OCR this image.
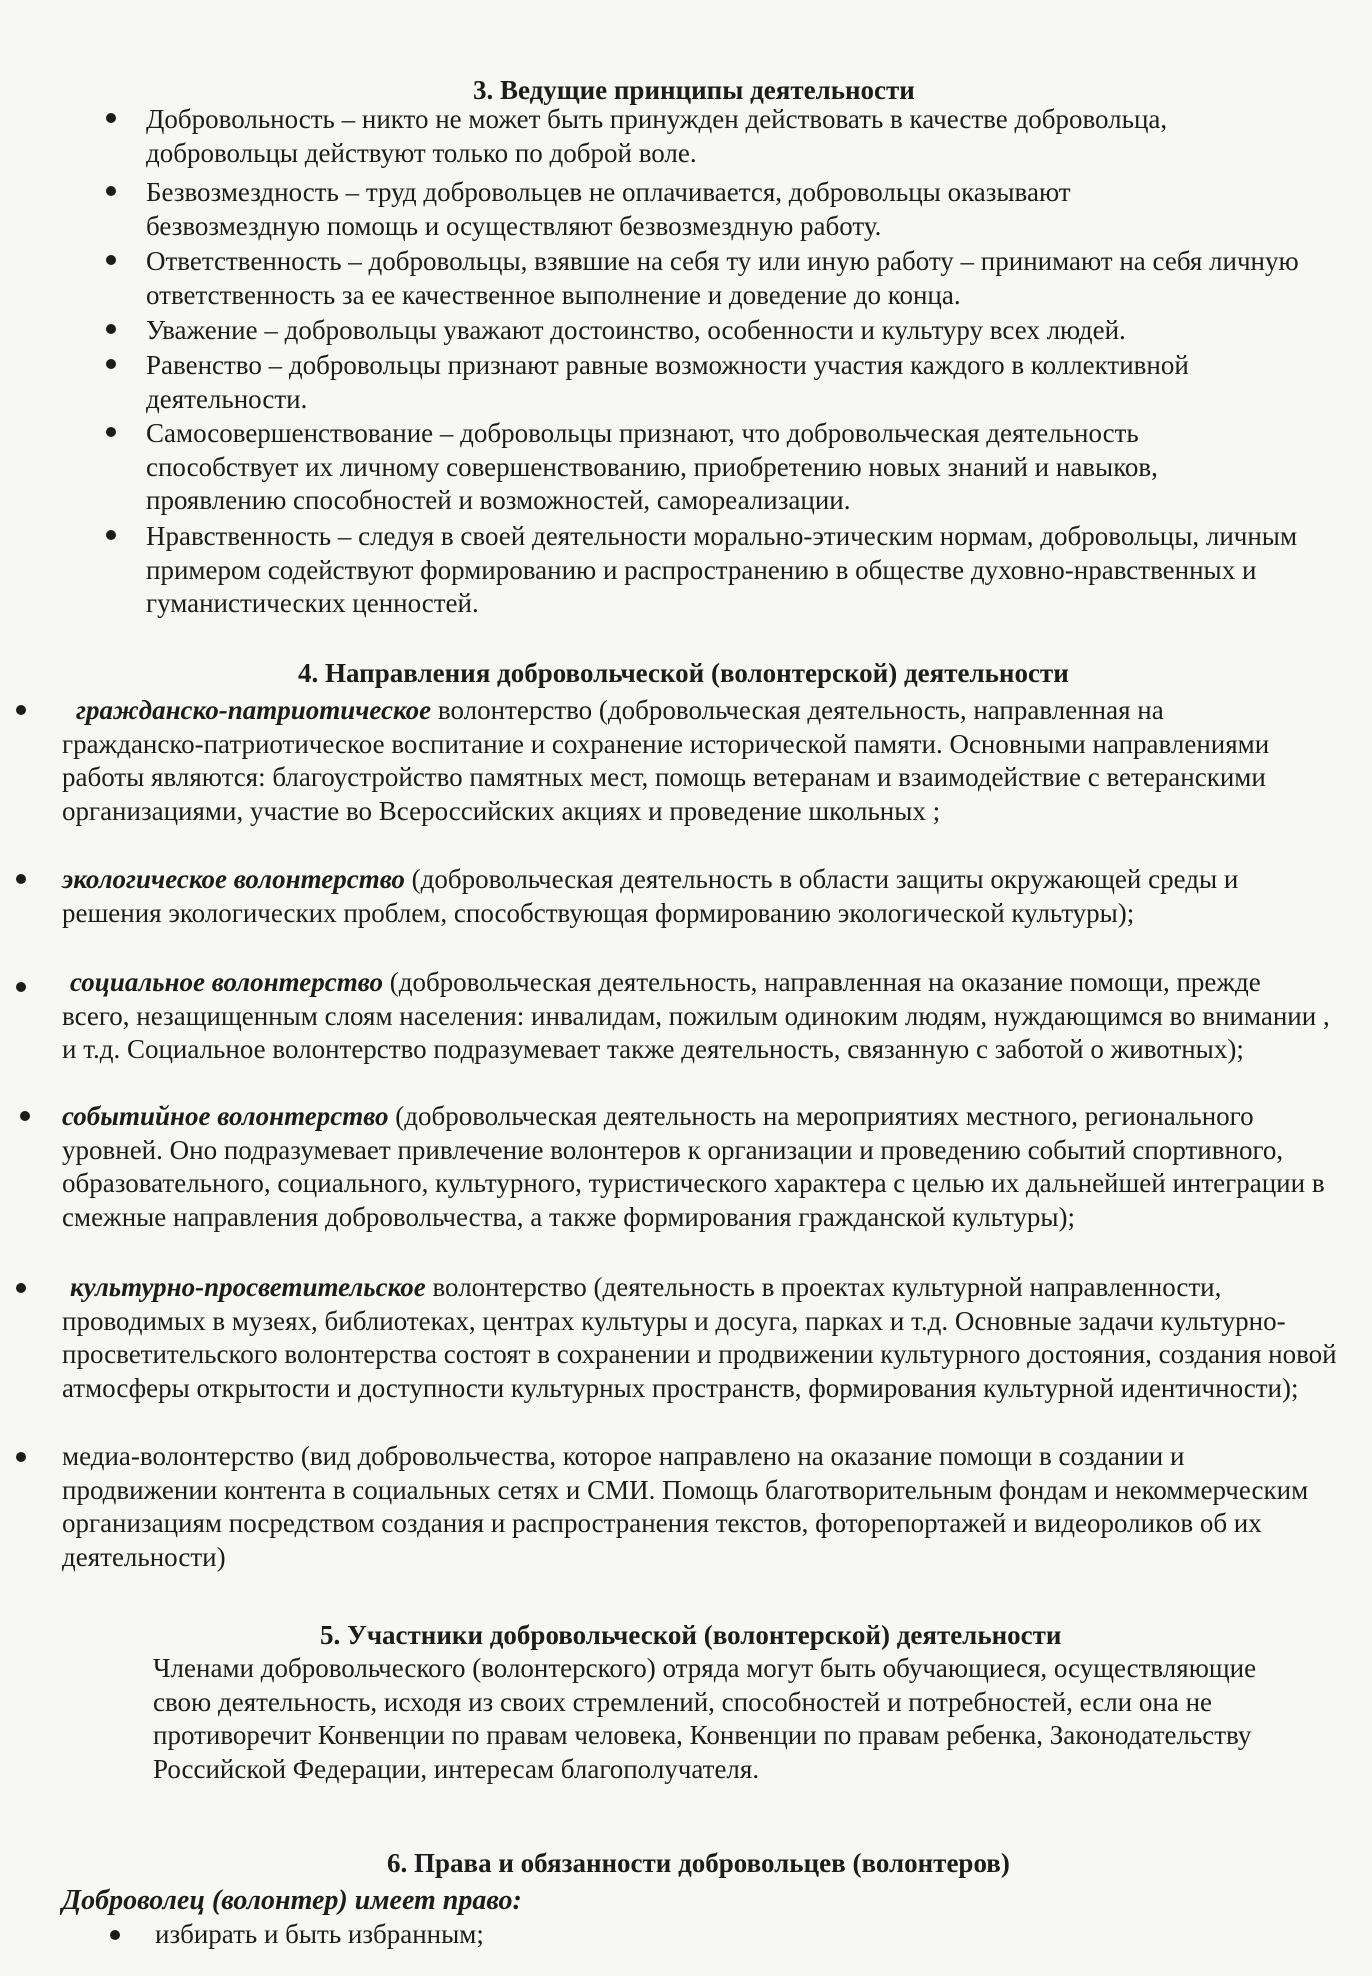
3. Ведущие принципы деятельности
Добровольность – никто не может быть принужден действовать в качестве добровольца, добровольцы действуют только по доброй воле.
Безвозмездность – труд добровольцев не оплачивается, добровольцы оказывают безвозмездную помощь и осуществляют безвозмездную работу.
Ответственность – добровольцы, взявшие на себя ту или иную работу – принимают на себя личную ответственность за ее качественное выполнение и доведение до конца.
Уважение – добровольцы уважают достоинство, особенности и культуру всех людей.
Равенство – добровольцы признают равные возможности участия каждого в коллективной деятельности.
Самосовершенствование – добровольцы признают, что добровольческая деятельность способствует их личному совершенствованию, приобретению новых знаний и навыков, проявлению способностей и возможностей, самореализации.
Нравственность – следуя в своей деятельности морально-этическим нормам, добровольцы, личным примером содействуют формированию и распространению в обществе духовно-нравственных и гуманистических ценностей.
4. Направления добровольческой (волонтерской) деятельности
гражданско-патриотическое волонтерство (добровольческая деятельность, направленная на гражданско-патриотическое воспитание и сохранение исторической памяти. Основными направлениями работы являются: благоустройство памятных мест, помощь ветеранам и взаимодействие с ветеранскими организациями, участие во Всероссийских акциях и проведение школьных ;
экологическое волонтерство (добровольческая деятельность в области защиты окружающей среды и решения экологических проблем, способствующая формированию экологической культуры);
социальное волонтерство (добровольческая деятельность, направленная на оказание помощи, прежде всего, незащищенным слоям населения: инвалидам, пожилым одиноким людям, нуждающимся во внимании , и т.д. Социальное волонтерство подразумевает также деятельность, связанную с заботой о животных);
событийное волонтерство (добровольческая деятельность на мероприятиях местного, регионального уровней. Оно подразумевает привлечение волонтеров к организации и проведению событий спортивного, образовательного, социального, культурного, туристического характера с целью их дальнейшей интеграции в смежные направления добровольчества, а также формирования гражданской культуры);
культурно-просветительское волонтерство (деятельность в проектах культурной направленности, проводимых в музеях, библиотеках, центрах культуры и досуга, парках и т.д. Основные задачи культурно-просветительского волонтерства состоят в сохранении и продвижении культурного достояния, создания новой атмосферы открытости и доступности культурных пространств, формирования культурной идентичности);
медиа-волонтерство (вид добровольчества, которое направлено на оказание помощи в создании и продвижении контента в социальных сетях и СМИ. Помощь благотворительным фондам и некоммерческим организациям посредством создания и распространения текстов, фоторепортажей и видеороликов об их деятельности)
5. Участники добровольческой (волонтерской) деятельности
Членами добровольческого (волонтерского) отряда могут быть обучающиеся, осуществляющие свою деятельность, исходя из своих стремлений, способностей и потребностей, если она не противоречит Конвенции по правам человека, Конвенции по правам ребенка, Законодательству Российской Федерации, интересам благополучателя.
6. Права и обязанности добровольцев (волонтеров)
Доброволец (волонтер) имеет право:
избирать и быть избранным;
